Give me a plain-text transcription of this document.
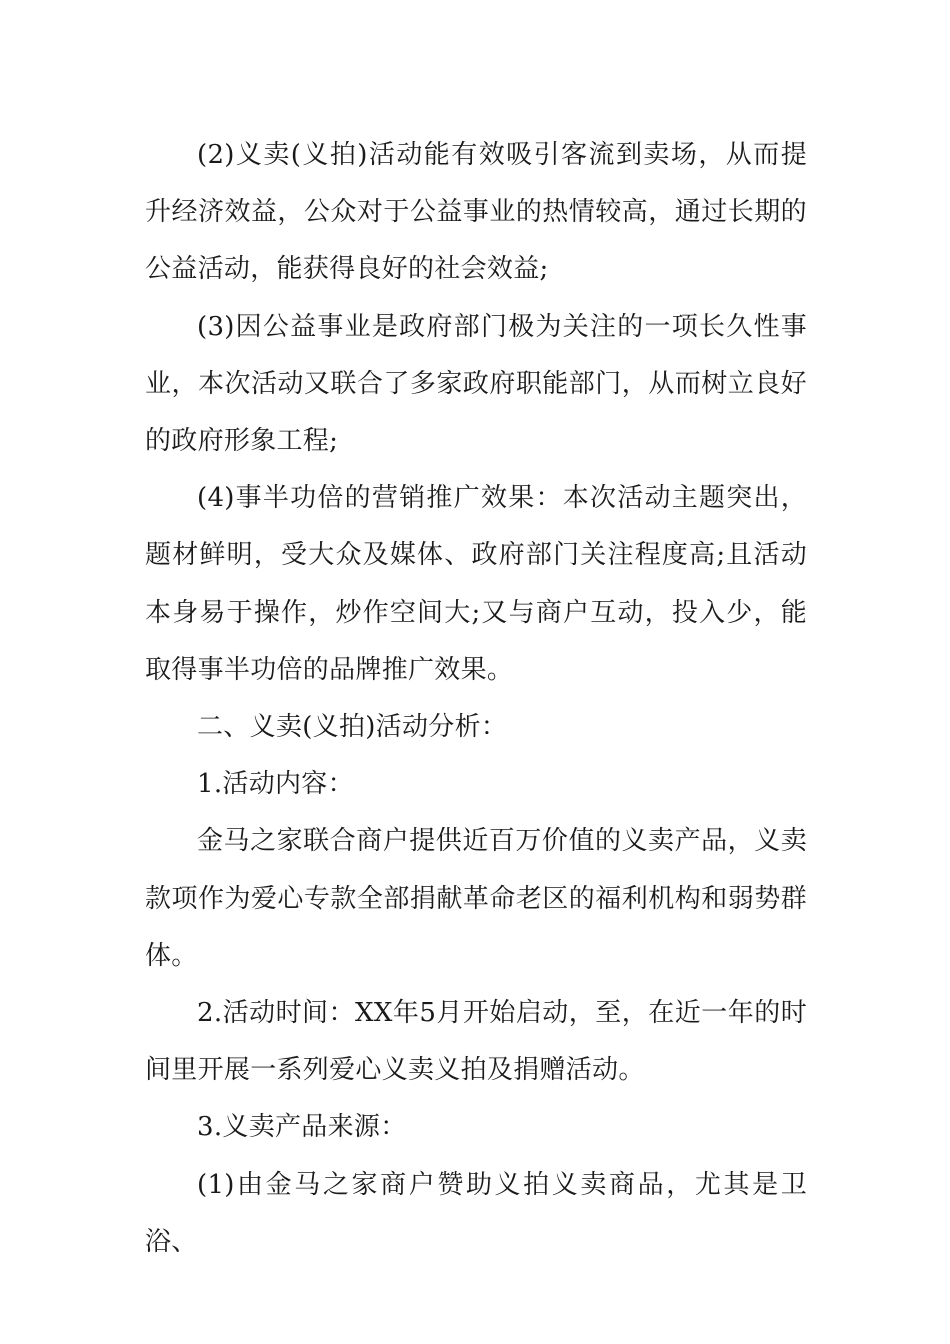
(2)义卖(义拍)活动能有效吸引客流到卖场，从而提升经济效益，公众对于公益事业的热情较高，通过长期的公益活动，能获得良好的社会效益;

(3)因公益事业是政府部门极为关注的一项长久性事业，本次活动又联合了多家政府职能部门，从而树立良好的政府形象工程;

(4)事半功倍的营销推广效果：本次活动主题突出，题材鲜明，受大众及媒体、政府部门关注程度高;且活动本身易于操作，炒作空间大;又与商户互动，投入少，能取得事半功倍的品牌推广效果。

二、义卖(义拍)活动分析：

1.活动内容：

金马之家联合商户提供近百万价值的义卖产品，义卖款项作为爱心专款全部捐献革命老区的福利机构和弱势群体。

2.活动时间：XX年5月开始启动，至，在近一年的时间里开展一系列爱心义卖义拍及捐赠活动。

3.义卖产品来源：

(1)由金马之家商户赞助义拍义卖商品，尤其是卫浴、
